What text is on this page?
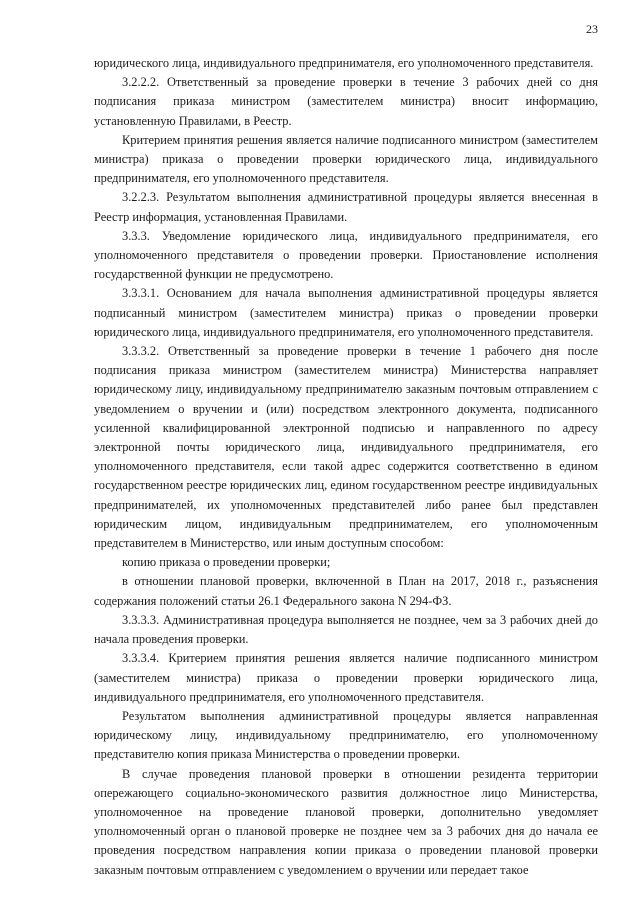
23

юридического лица, индивидуального предпринимателя, его уполномоченного представителя.

3.2.2.2. Ответственный за проведение проверки в течение 3 рабочих дней со дня подписания приказа министром (заместителем министра) вносит информацию, установленную Правилами, в Реестр.

Критерием принятия решения является наличие подписанного министром (заместителем министра) приказа о проведении проверки юридического лица, индивидуального предпринимателя, его уполномоченного представителя.

3.2.2.3. Результатом выполнения административной процедуры является внесенная в Реестр информация, установленная Правилами.

3.3.3. Уведомление юридического лица, индивидуального предпринимателя, его уполномоченного представителя о проведении проверки. Приостановление исполнения государственной функции не предусмотрено.

3.3.3.1. Основанием для начала выполнения административной процедуры является подписанный министром (заместителем министра) приказ о проведении проверки юридического лица, индивидуального предпринимателя, его уполномоченного представителя.

3.3.3.2. Ответственный за проведение проверки в течение 1 рабочего дня после подписания приказа министром (заместителем министра) Министерства направляет юридическому лицу, индивидуальному предпринимателю заказным почтовым отправлением с уведомлением о вручении и (или) посредством электронного документа, подписанного усиленной квалифицированной электронной подписью и направленного по адресу электронной почты юридического лица, индивидуального предпринимателя, его уполномоченного представителя, если такой адрес содержится соответственно в едином государственном реестре юридических лиц, едином государственном реестре индивидуальных предпринимателей, их уполномоченных представителей либо ранее был представлен юридическим лицом, индивидуальным предпринимателем, его уполномоченным представителем в Министерство, или иным доступным способом:

копию приказа о проведении проверки;

в отношении плановой проверки, включенной в План на 2017, 2018 г., разъяснения содержания положений статьи 26.1 Федерального закона N 294-ФЗ.

3.3.3.3. Административная процедура выполняется не позднее, чем за 3 рабочих дней до начала проведения проверки.

3.3.3.4. Критерием принятия решения является наличие подписанного министром (заместителем министра) приказа о проведении проверки юридического лица, индивидуального предпринимателя, его уполномоченного представителя.

Результатом выполнения административной процедуры является направленная юридическому лицу, индивидуальному предпринимателю, его уполномоченному представителю копия приказа Министерства о проведении проверки.

В случае проведения плановой проверки в отношении резидента территории опережающего социально-экономического развития должностное лицо Министерства, уполномоченное на проведение плановой проверки, дополнительно уведомляет уполномоченный орган о плановой проверке не позднее чем за 3 рабочих дня до начала ее проведения посредством направления копии приказа о проведении плановой проверки заказным почтовым отправлением с уведомлением о вручении или передает такое
